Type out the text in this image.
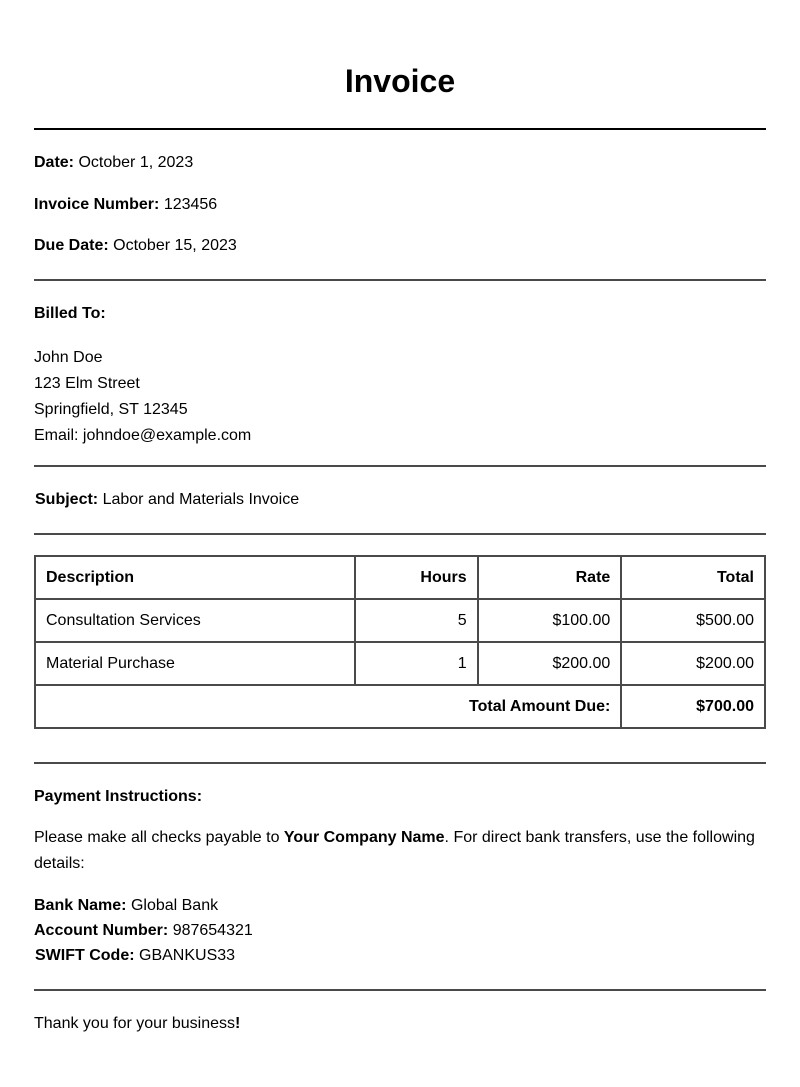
Invoice
Date: October 1, 2023
Invoice Number: 123456
Due Date: October 15, 2023
Billed To:
John Doe
123 Elm Street
Springfield, ST 12345
Email: johndoe@example.com
Subject: Labor and Materials Invoice
Description	Hours	Rate	Total
Consultation Services	5	$100.00	$500.00
Material Purchase	1	$200.00	$200.00
Total Amount Due:			$700.00
Payment Instructions:
Please make all checks payable to Your Company Name. For direct bank transfers, use the following details:
Bank Name: Global Bank
Account Number: 987654321
SWIFT Code: GBANKUS33
Thank you for your business!
